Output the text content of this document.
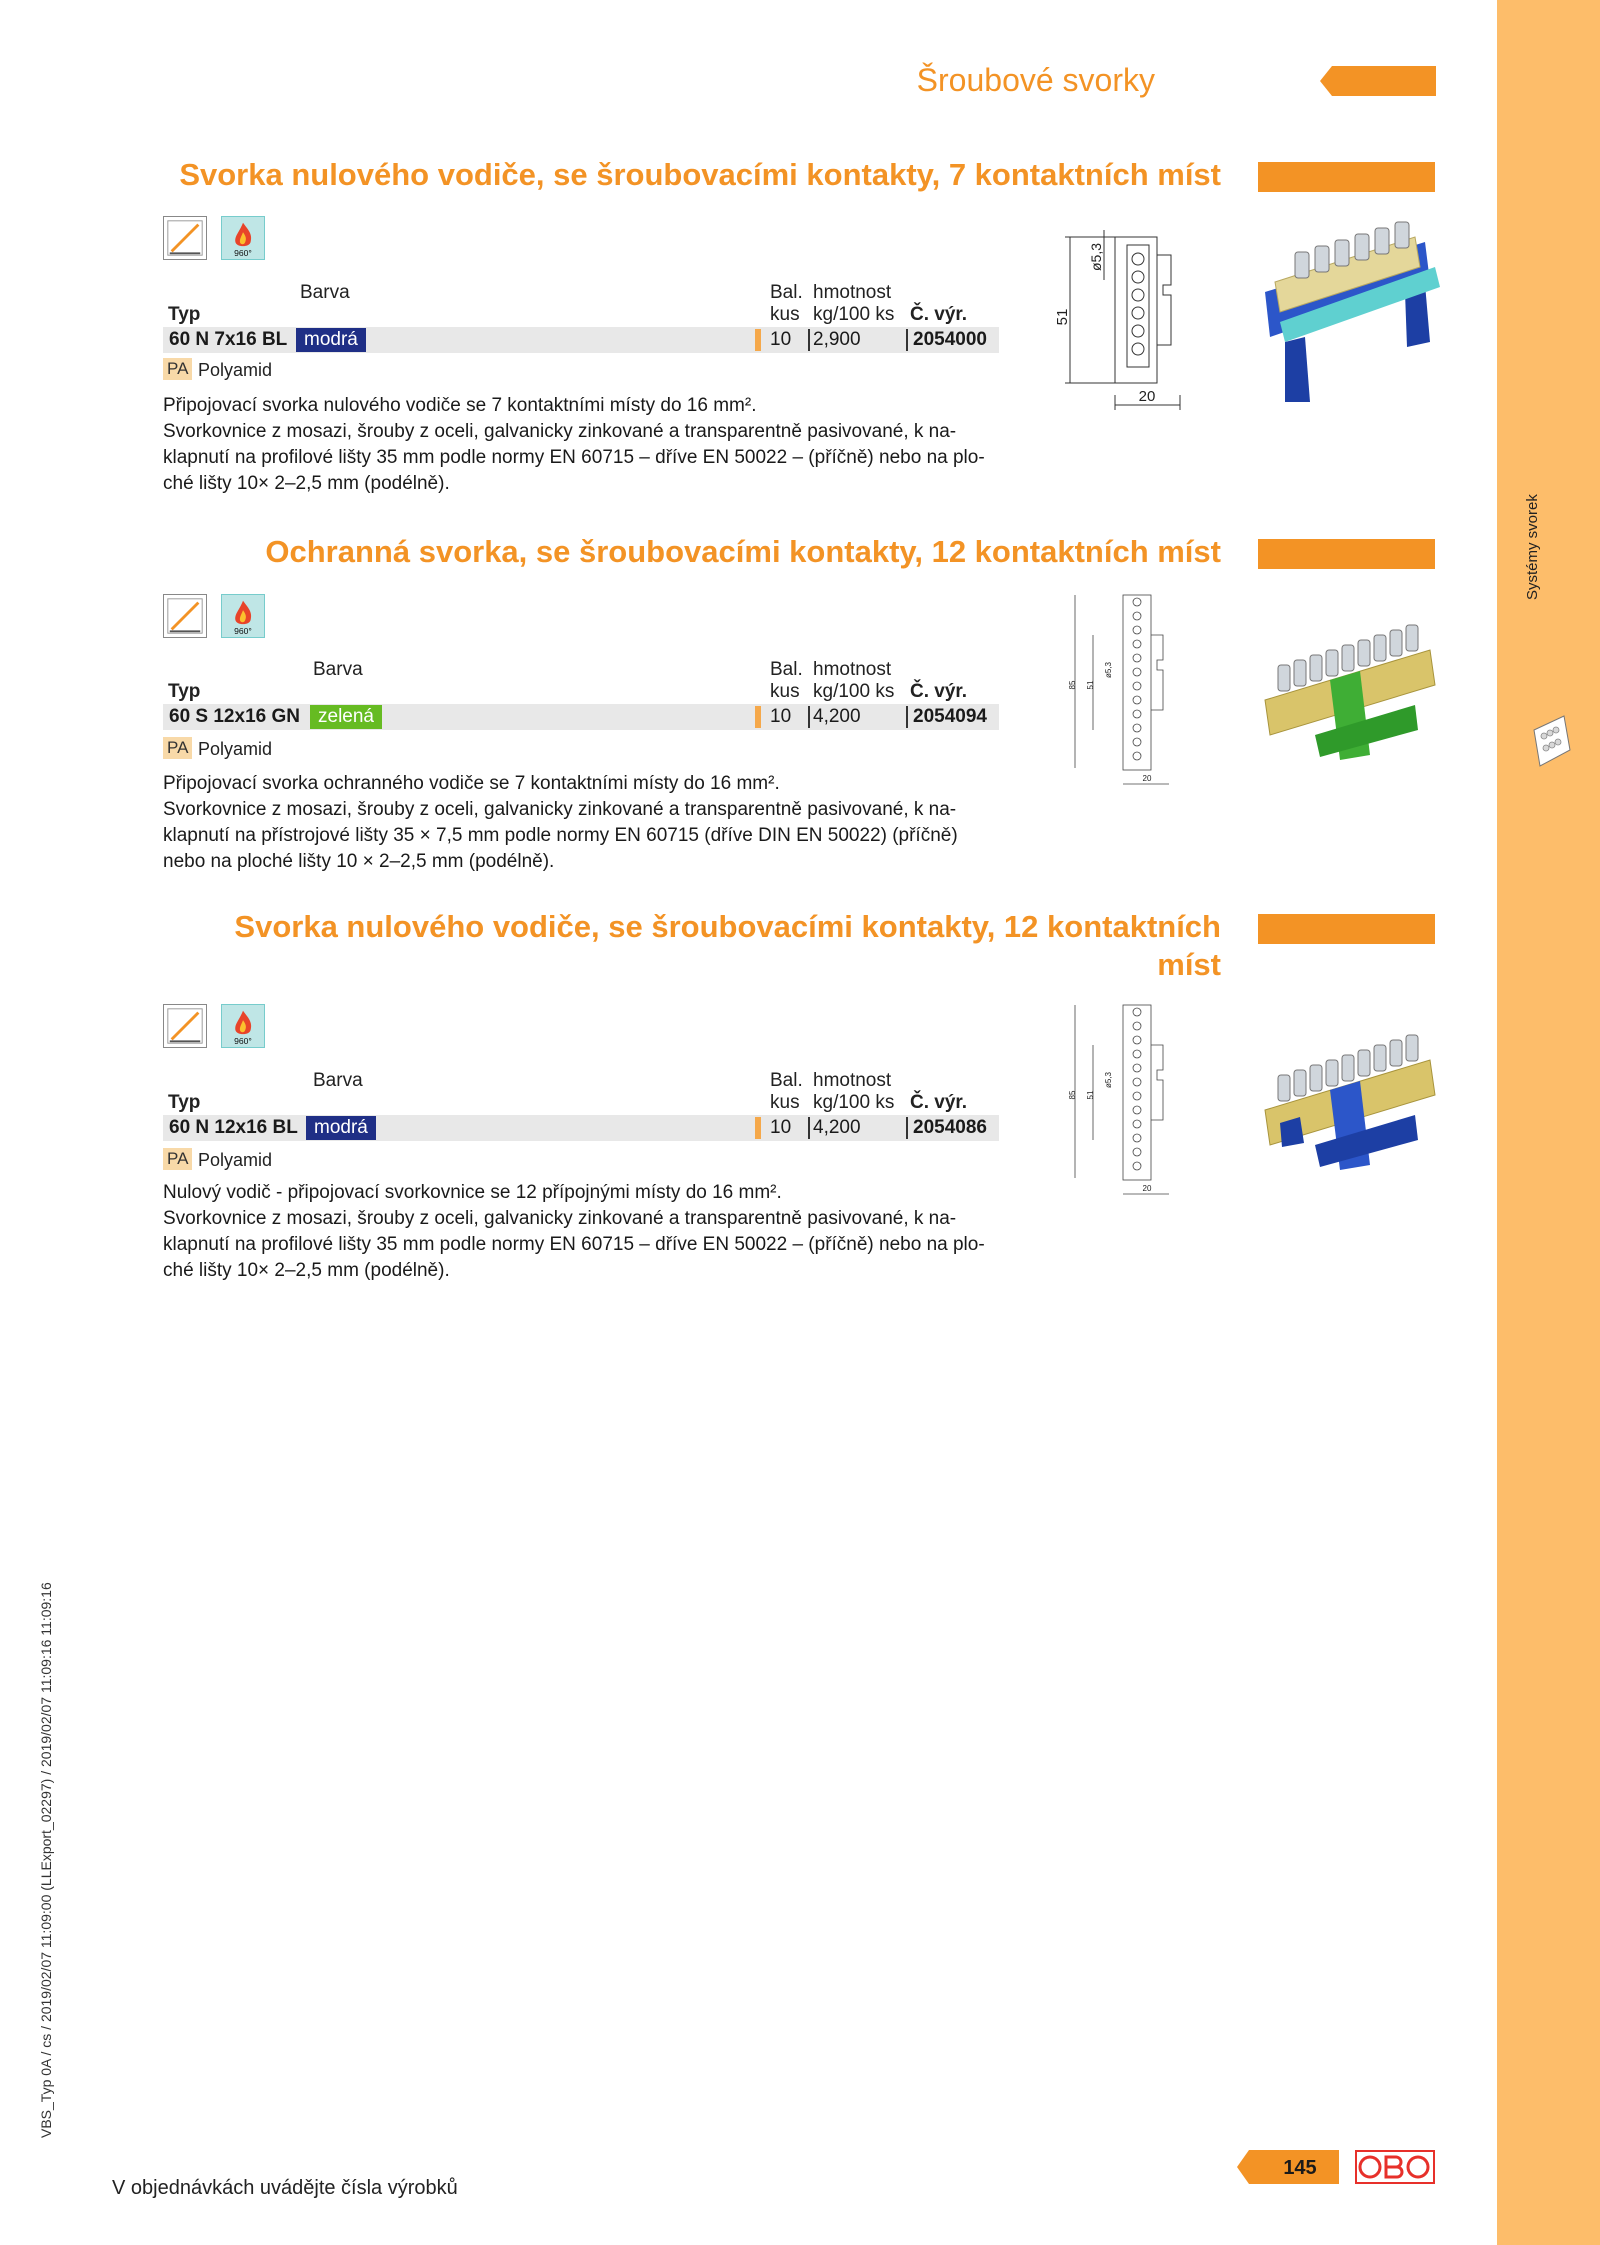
Systémy svorek
Šroubové svorky
Svorka nulového vodiče, se šroubovacími kontakty, 7 kontaktních míst
960°
Barva	Bal. hmotnost
Typ	kus kg/100 ks Č. výr.
60 N 7x16 BL modrá	10 2,900	2054000
PA Polyamid

Připojovací svorka nulového vodiče se 7 kontaktními místy do 16 mm².

Svorkovnice z mosazi, šrouby z oceli, galvanicky zinkované a transparentně pasivované, k na-

klapnutí na profilové lišty 35 mm podle normy EN 60715 – dříve EN 50022 – (příčně) nebo na plo-

ché lišty 10× 2–2,5 mm (podélně).

51
ø5,3
20
Ochranná svorka, se šroubovacími kontakty, 12 kontaktních míst
960°
Barva	Bal. hmotnost
Typ	kus kg/100 ks Č. výr.
60 S 12x16 GN zelená	10 4,200	2054094
PA Polyamid

Připojovací svorka ochranného vodiče se 7 kontaktními místy do 16 mm².

Svorkovnice z mosazi, šrouby z oceli, galvanicky zinkované a transparentně pasivované, k na-

klapnutí na přístrojové lišty 35 × 7,5 mm podle normy EN 60715 (dříve DIN EN 50022) (příčně)

nebo na ploché lišty 10 × 2–2,5 mm (podélně).

85 51
ø5,3
20
Svorka nulového vodiče, se šroubovacími kontakty, 12 kontaktních míst
960°
Barva	Bal. hmotnost
Typ	kus kg/100 ks Č. výr.
60 N 12x16 BL modrá	10 4,200	2054086
PA Polyamid

Nulový vodič - připojovací svorkovnice se 12 přípojnými místy do 16 mm².

Svorkovnice z mosazi, šrouby z oceli, galvanicky zinkované a transparentně pasivované, k na-

klapnutí na profilové lišty 35 mm podle normy EN 60715 – dříve EN 50022 – (příčně) nebo na plo-

ché lišty 10× 2–2,5 mm (podélně).

85 51
ø5,3
20
VBS_Typ 0A / cs / 2019/02/07 11:09:00 (LLExport_02297) / 2019/02/07 11:09:16 11:09:16
V objednávkách uvádějte čísla výrobků
145
